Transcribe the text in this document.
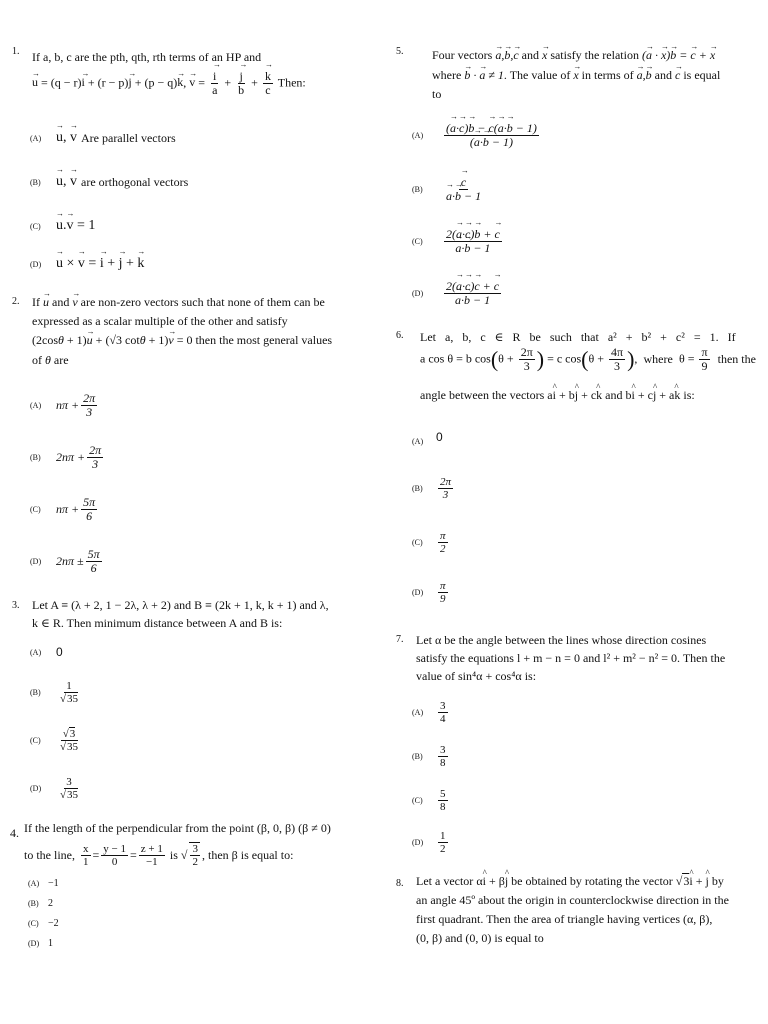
1. If a, b, c are the pth, qth, rth terms of an HP and
→ u = (q − r)→ i + (r − p)→ j + (p − q)→ k, → v = → $\frac{i}{a}$ + → $\frac{j}{b}$ + → $\frac{k}{c}$ Then:
(A) → u, → v Are parallel vectors
(B) → u, → v are orthogonal vectors
(C) → u.→ v = 1
(D) → u × → v = → i + → j + → k
2. If → u and → v are non-zero vectors such that none of them can be
expressed as a scalar multiple of the other and satisfy
(2cosθ + 1)→ u + (√3 cotθ + 1)→ v = 0 then the most general values
of θ are
(A) $n\pi + \frac{2\pi}{3}$
(B) $2n\pi + \frac{2\pi}{3}$
(C) $n\pi + \frac{5\pi}{6}$
(D) $2n\pi \pm \frac{5\pi}{6}$
3. Let A ≡ (λ + 2, 1 − 2λ, λ + 2) and B ≡ (2k + 1, k, k + 1) and λ,
k ∈ R. Then minimum distance between A and B is:
(A) 0
(B)	$\frac{1}{√35}$
(C)	$\frac{√3}{√35}$
$(D) \frac{3}{√35}$
4. If the length of the perpendicular from the point (β, 0, β) (β ≠ 0)
to the line, $\frac{x}{1} = \frac{y - 1}{0} = \frac{z + 1}{-1}$ is √ $\frac{3}{2}$ , then β is equal to:
(A) −1
(B) 2
(C) −2
(D) 1
5. Four vectors → a,→ b,→ c and → x satisfy the relation (→ a · → x)→ b = → c + → x
where → b · → a ≠ 1. The value of → x in terms of → a,→ b and → c is equal
to
$(A) \frac{(\to a\cdot\to c)\to b - \to c(\to a\cdot\to b - 1)}{(\to a\cdot\to b - 1)}$
(B) → c
→ a·→ b − 1
(C) 2(→ a·→ c)→ b + → c
→ a·→ b − 1
(D) 2(→ a·→ c)→ c + → c
→ a·→ b − 1
6. Let a, b, c ∈ R be such that a² + b² + c² = 1. If
a cos θ = b $\cos(\theta + \frac{2\pi}{3}$ ) = c $\cos(\theta + \frac{4\pi}{3}$ ), where $\theta = \frac{\pi}{9}$ then the
angle between the vectors a^ i + b^ j + c^ k and b^ i + c^ j + a^ k is:
(A) 0
(B)	$\frac{2\pi}{3}$
(C)	$\frac{\pi}{2}$
$(D) \frac{\pi}{9}$
7. Let α be the angle between the lines whose direction cosines
satisfy the equations l + m − n = 0 and l² + m² − n² = 0. Then the
value of sin⁴α + cos⁴α is:
$(A) \frac{3}{4}$
(B)	$\frac{3}{8}$
(C)	$\frac{5}{8}$
$(D) \frac{1}{2}$
8. Let a vector α^ i + β^ j be obtained by rotating the vector √3^ i + ^ j by
an angle 45º about the origin in counterclockwise direction in the
first quadrant. Then the area of triangle having vertices (α, β),
(0, β) and (0, 0) is equal to
